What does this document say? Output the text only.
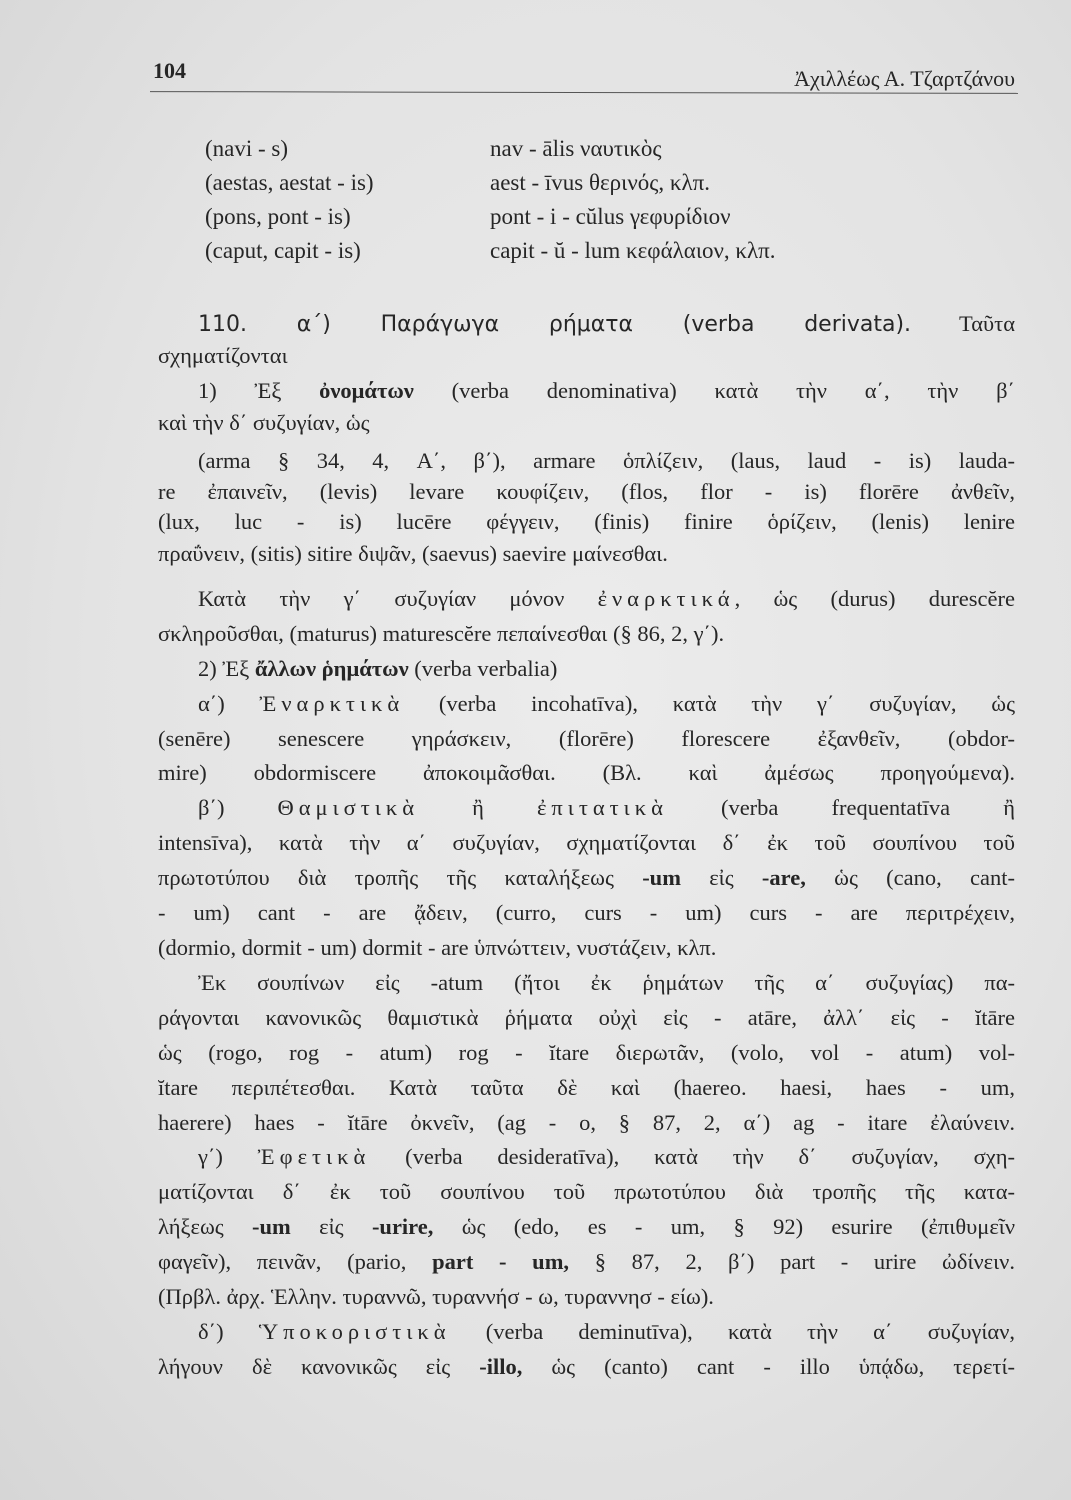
104	Ἀχιλλέως Α. Τζαρτζάνου
(navi - s)	nav - ālis ναυτικὸς
(aestas, aestat - is)	aest - īvus θερινός, κλπ.
(pons, pont - is)	pont - i - cŭlus γεφυρίδιον
(caput, capit - is)	capit - ŭ - lum κεφάλαιον, κλπ.
110. α΄) Παράγωγα ρήματα (verba derivata). Ταῦτα
σχηματίζονται
1) Ἐξ ὀνομάτων (verba denominativa) κατὰ τὴν α΄, τὴν β΄
καὶ τὴν δ΄ συζυγίαν, ὡς
(arma § 34, 4, Α΄, β΄), armare ὁπλίζειν, (laus, laud - is) lauda-
re ἐπαινεῖν, (levis) levare κουφίζειν, (flos, flor - is) florēre ἀνθεῖν,
(lux, luc - is) lucēre φέγγειν, (finis) finire ὁρίζειν, (lenis) lenire
πραΰνειν, (sitis) sitire διψᾶν, (saevus) saevire μαίνεσθαι.
Κατὰ τὴν γ΄ συζυγίαν μόνον ἐναρκτικά, ὡς (durus) durescĕre
σκληροῦσθαι, (maturus) maturescĕre πεπαίνεσθαι (§ 86, 2, γ΄).
2) Ἐξ ἄλλων ῥημάτων (verba verbalia)
α΄) Ἐναρκτικὰ (verba incohatīva), κατὰ τὴν γ΄ συζυγίαν, ὡς
(senēre) senescere γηράσκειν, (florēre) florescere ἐξανθεῖν, (obdor-
mire) obdormiscere ἀποκοιμᾶσθαι. (Βλ. καὶ ἀμέσως προηγούμενα).
β΄) Θαμιστικὰ ἢ ἐπιτατικὰ (verba frequentatīva ἢ
intensīva), κατὰ τὴν α΄ συζυγίαν, σχηματίζονται δ΄ ἐκ τοῦ σουπίνου τοῦ
πρωτοτύπου διὰ τροπῆς τῆς καταλήξεως -um εἰς -are, ὡς (cano, cant-
- um) cant - are ᾄδειν, (curro, curs - um) curs - are περιτρέχειν,
(dormio, dormit - um) dormit - are ὑπνώττειν, νυστάζειν, κλπ.
Ἐκ σουπίνων εἰς -atum (ἤτοι ἐκ ῥημάτων τῆς α΄ συζυγίας) πα-
ράγονται κανονικῶς θαμιστικὰ ῥήματα οὐχὶ εἰς - atāre, ἀλλ΄ εἰς - ĭtāre
ὡς (rogo, rog - atum) rog - ĭtare διερωτᾶν, (volo, vol - atum) vol-
ĭtare περιπέτεσθαι. Κατὰ ταῦτα δὲ καὶ (haereo. haesi, haes - um,
haerere) haes - ĭtāre ὀκνεῖν, (ag - o, § 87, 2, α΄) ag - itare ἐλαύνειν.
γ΄) Ἐφετικὰ (verba desideratīva), κατὰ τὴν δ΄ συζυγίαν, σχη-
ματίζονται δ΄ ἐκ τοῦ σουπίνου τοῦ πρωτοτύπου διὰ τροπῆς τῆς κατα-
λήξεως -um εἰς -urire, ὡς (edo, es - um, § 92) esurire (ἐπιθυμεῖν
φαγεῖν), πεινᾶν, (pario, part - um, § 87, 2, β΄) part - urire ὠδίνειν.
(Πρβλ. ἀρχ. Ἑλλην. τυραννῶ, τυραννήσ - ω, τυραννησ - είω).
δ΄) Ὑποκοριστικὰ (verba deminutīva), κατὰ τὴν α΄ συζυγίαν,
λήγουν δὲ κανονικῶς εἰς -illo, ὡς (canto) cant - illo ὑπᾴδω, τερετί-
